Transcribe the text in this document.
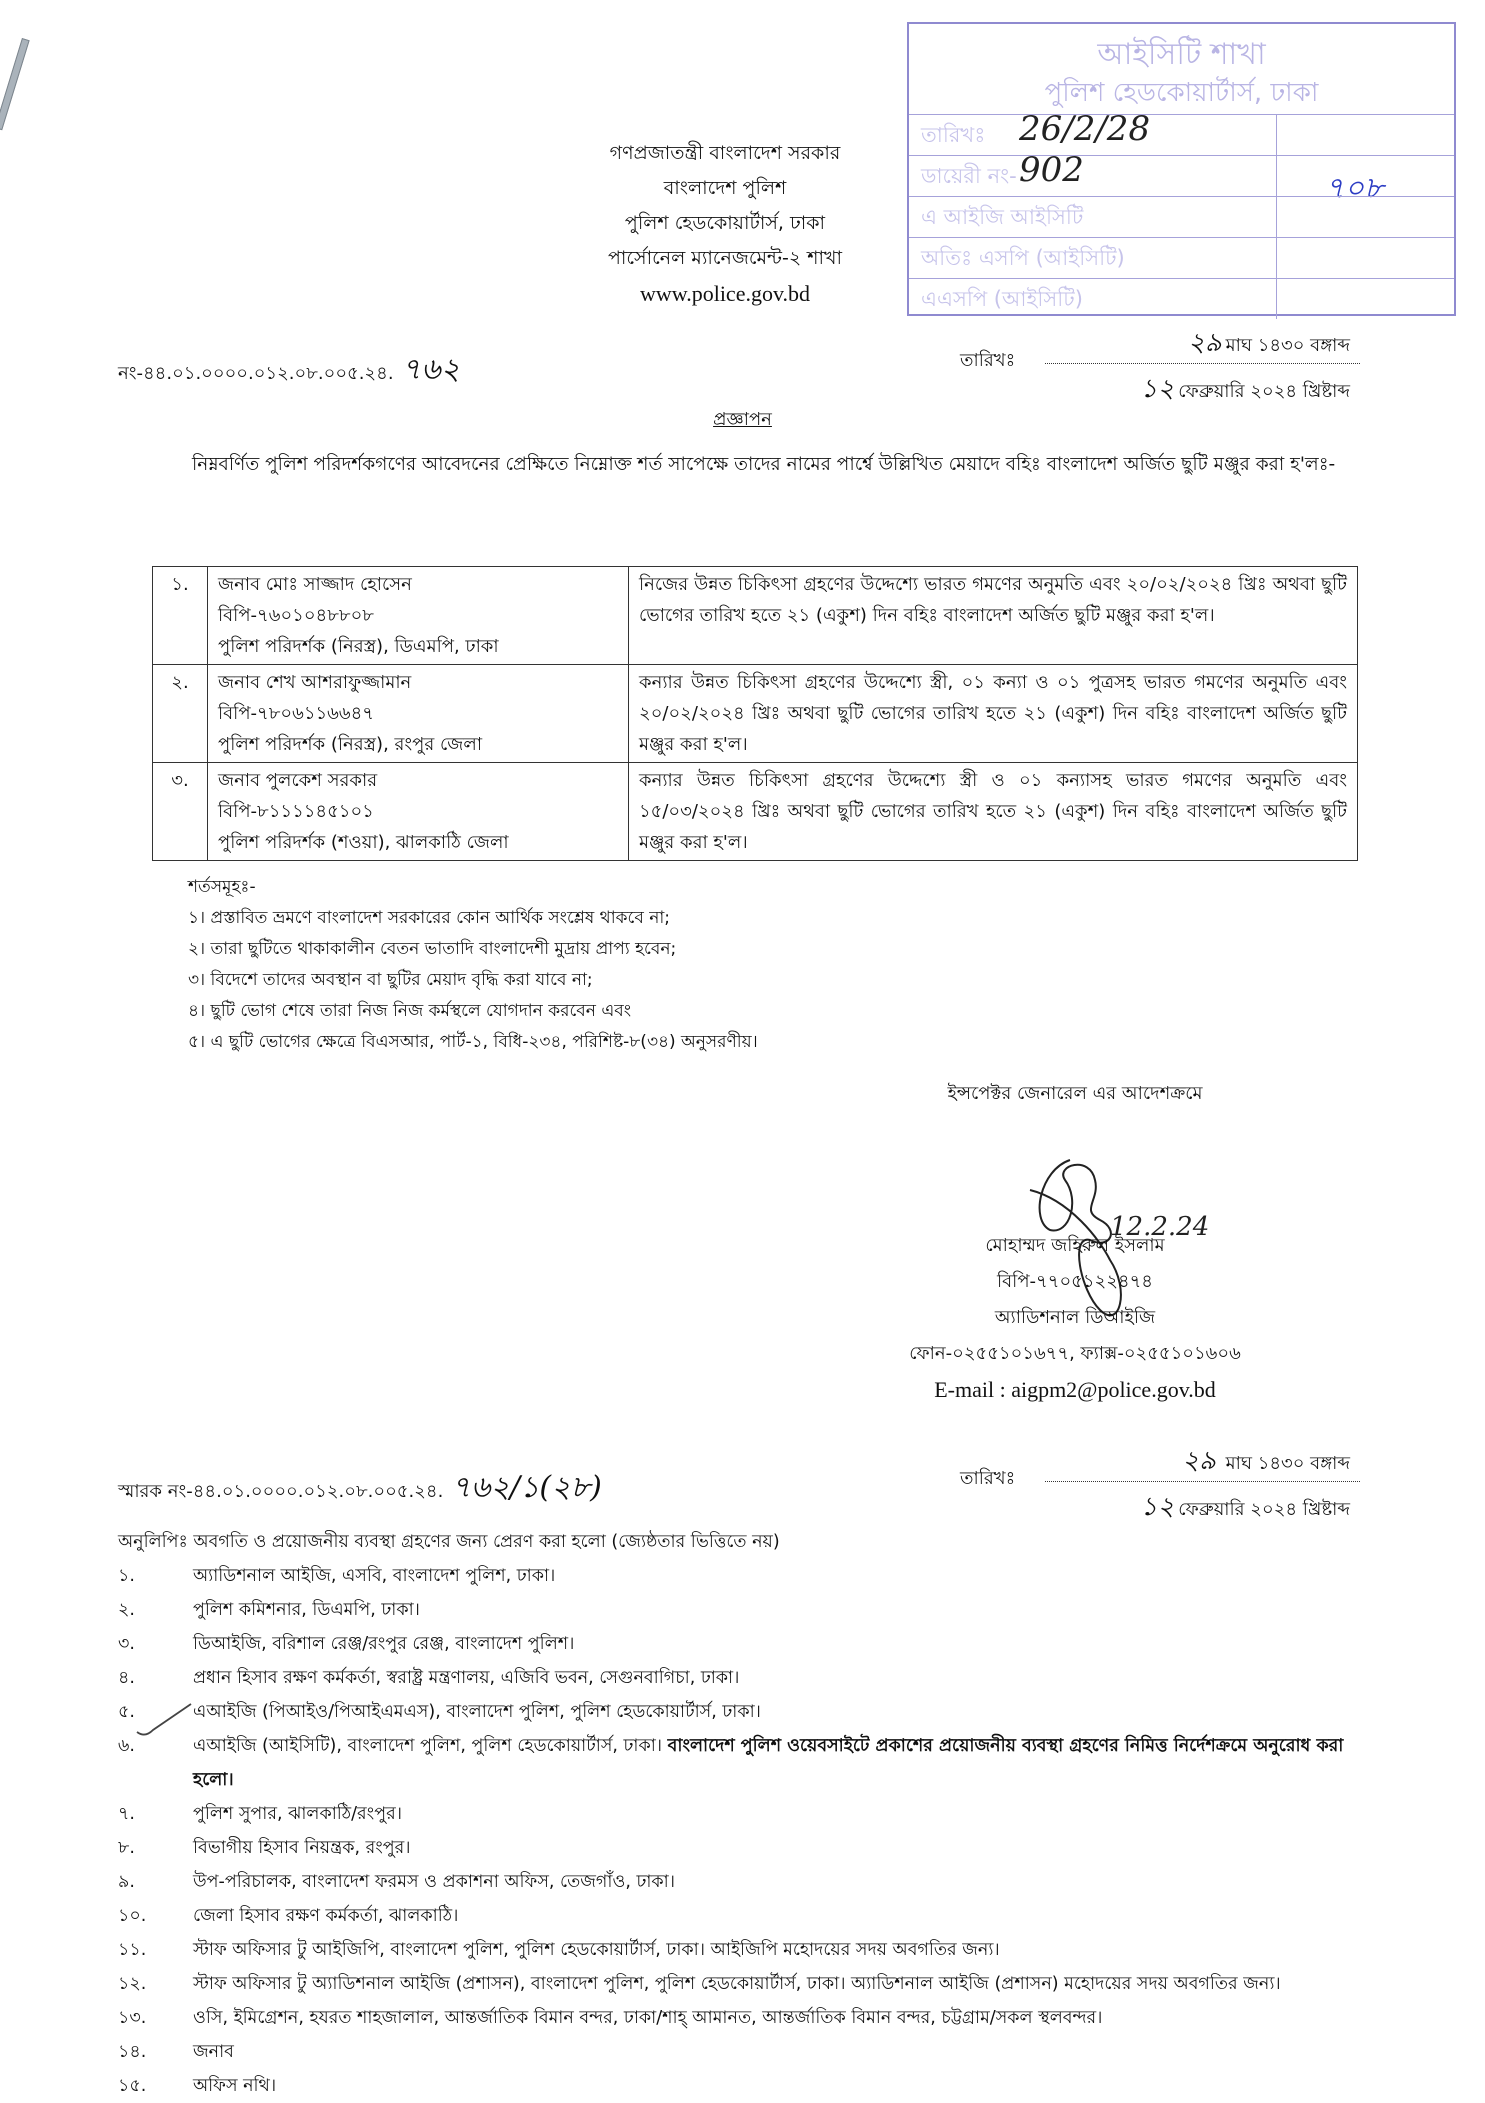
আইসিটি শাখা
পুলিশ হেডকোয়ার্টার্স, ঢাকা
তারিখঃ 26/2/28
ডায়েরী নং- 902	৭০৮
এ আইজি আইসিটি
অতিঃ এসপি (আইসিটি)
এএসপি (আইসিটি)
গণপ্রজাতন্ত্রী বাংলাদেশ সরকার
বাংলাদেশ পুলিশ
পুলিশ হেডকোয়ার্টার্স, ঢাকা
পার্সোনেল ম্যানেজমেন্ট-২ শাখা
www.police.gov.bd
নং-৪৪.০১.০০০০.০১২.০৮.০০৫.২৪. ৭৬২	তারিখঃ
২৯ মাঘ ১৪৩০ বঙ্গাব্দ
১২ ফেব্রুয়ারি ২০২৪ খ্রিষ্টাব্দ
প্রজ্ঞাপন
নিম্নবর্ণিত পুলিশ পরিদর্শকগণের আবেদনের প্রেক্ষিতে নিম্নোক্ত শর্ত সাপেক্ষে তাদের নামের পার্শ্বে উল্লিখিত মেয়াদে বহিঃ বাংলাদেশ অর্জিত ছুটি মঞ্জুর করা হ'লঃ-
১.	জনাব মোঃ সাজ্জাদ হোসেন
বিপি-৭৬০১০৪৮৮০৮
পুলিশ পরিদর্শক (নিরস্ত্র), ডিএমপি, ঢাকা	নিজের উন্নত চিকিৎসা গ্রহণের উদ্দেশ্যে ভারত গমণের অনুমতি এবং ২০/০২/২০২৪ খ্রিঃ অথবা ছুটি ভোগের তারিখ হতে ২১ (একুশ) দিন বহিঃ বাংলাদেশ অর্জিত ছুটি মঞ্জুর করা হ'ল।
২.	জনাব শেখ আশরাফুজ্জামান
বিপি-৭৮০৬১১৬৬৪৭
পুলিশ পরিদর্শক (নিরস্ত্র), রংপুর জেলা	কন্যার উন্নত চিকিৎসা গ্রহণের উদ্দেশ্যে স্ত্রী, ০১ কন্যা ও ০১ পুত্রসহ ভারত গমণের অনুমতি এবং ২০/০২/২০২৪ খ্রিঃ অথবা ছুটি ভোগের তারিখ হতে ২১ (একুশ) দিন বহিঃ বাংলাদেশ অর্জিত ছুটি মঞ্জুর করা হ'ল।
৩.	জনাব পুলকেশ সরকার
বিপি-৮১১১১৪৫১০১
পুলিশ পরিদর্শক (শওয়া), ঝালকাঠি জেলা	কন্যার উন্নত চিকিৎসা গ্রহণের উদ্দেশ্যে স্ত্রী ও ০১ কন্যাসহ ভারত গমণের অনুমতি এবং ১৫/০৩/২০২৪ খ্রিঃ অথবা ছুটি ভোগের তারিখ হতে ২১ (একুশ) দিন বহিঃ বাংলাদেশ অর্জিত ছুটি মঞ্জুর করা হ'ল।
শর্তসমূহঃ-
১। প্রস্তাবিত ভ্রমণে বাংলাদেশ সরকারের কোন আর্থিক সংশ্লেষ থাকবে না;
২। তারা ছুটিতে থাকাকালীন বেতন ভাতাদি বাংলাদেশী মুদ্রায় প্রাপ্য হবেন;
৩। বিদেশে তাদের অবস্থান বা ছুটির মেয়াদ বৃদ্ধি করা যাবে না;
৪। ছুটি ভোগ শেষে তারা নিজ নিজ কর্মস্থলে যোগদান করবেন এবং
৫। এ ছুটি ভোগের ক্ষেত্রে বিএসআর, পার্ট-১, বিধি-২৩৪, পরিশিষ্ট-৮(৩৪) অনুসরণীয়।
ইন্সপেক্টর জেনারেল এর আদেশক্রমে
12.2.24
মোহাম্মদ জহিরুল ইসলাম
বিপি-৭৭০৫১২২৪৭৪
অ্যাডিশনাল ডিআইজি
ফোন-০২৫৫১০১৬৭৭, ফ্যাক্স-০২৫৫১০১৬০৬
E-mail : aigpm2@police.gov.bd
স্মারক নং-৪৪.০১.০০০০.০১২.০৮.০০৫.২৪. ৭৬২/১(২৮)	তারিখঃ
২৯ মাঘ ১৪৩০ বঙ্গাব্দ
১২ ফেব্রুয়ারি ২০২৪ খ্রিষ্টাব্দ
অনুলিপিঃ অবগতি ও প্রয়োজনীয় ব্যবস্থা গ্রহণের জন্য প্রেরণ করা হলো (জ্যেষ্ঠতার ভিত্তিতে নয়)
১.	অ্যাডিশনাল আইজি, এসবি, বাংলাদেশ পুলিশ, ঢাকা।
২.	পুলিশ কমিশনার, ডিএমপি, ঢাকা।
৩.	ডিআইজি, বরিশাল রেঞ্জ/রংপুর রেঞ্জ, বাংলাদেশ পুলিশ।
৪.	প্রধান হিসাব রক্ষণ কর্মকর্তা, স্বরাষ্ট্র মন্ত্রণালয়, এজিবি ভবন, সেগুনবাগিচা, ঢাকা।
৫.	এআইজি (পিআইও/পিআইএমএস), বাংলাদেশ পুলিশ, পুলিশ হেডকোয়ার্টার্স, ঢাকা।
৬.	এআইজি (আইসিটি), বাংলাদেশ পুলিশ, পুলিশ হেডকোয়ার্টার্স, ঢাকা। বাংলাদেশ পুলিশ ওয়েবসাইটে প্রকাশের প্রয়োজনীয় ব্যবস্থা গ্রহণের নিমিত্ত নির্দেশক্রমে অনুরোধ করা হলো।
৭.	পুলিশ সুপার, ঝালকাঠি/রংপুর।
৮.	বিভাগীয় হিসাব নিয়ন্ত্রক, রংপুর।
৯.	উপ-পরিচালক, বাংলাদেশ ফরমস ও প্রকাশনা অফিস, তেজগাঁও, ঢাকা।
১০.	জেলা হিসাব রক্ষণ কর্মকর্তা, ঝালকাঠি।
১১.	স্টাফ অফিসার টু আইজিপি, বাংলাদেশ পুলিশ, পুলিশ হেডকোয়ার্টার্স, ঢাকা। আইজিপি মহোদয়ের সদয় অবগতির জন্য।
১২.	স্টাফ অফিসার টু অ্যাডিশনাল আইজি (প্রশাসন), বাংলাদেশ পুলিশ, পুলিশ হেডকোয়ার্টার্স, ঢাকা। অ্যাডিশনাল আইজি (প্রশাসন) মহোদয়ের সদয় অবগতির জন্য।
১৩.	ওসি, ইমিগ্রেশন, হযরত শাহজালাল, আন্তর্জাতিক বিমান বন্দর, ঢাকা/শাহ্ আমানত, আন্তর্জাতিক বিমান বন্দর, চট্টগ্রাম/সকল স্থলবন্দর।
১৪.	জনাব
১৫.	অফিস নথি।
